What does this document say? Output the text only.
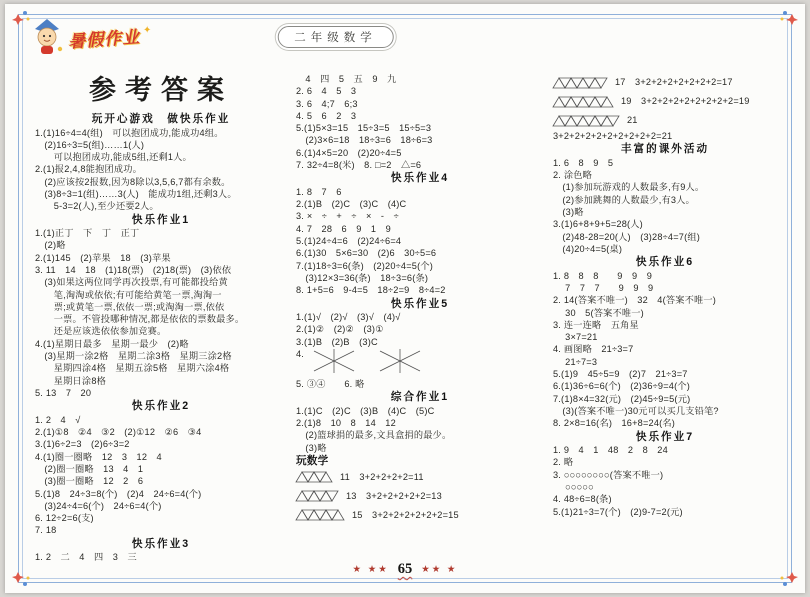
暑假作业 ✦
二年级数学
参考答案
玩开心游戏　做快乐作业
1.(1)16÷4=4(组)　可以抱团成功,能成功4组。
　(2)16÷3=5(组)……1(人)
　　可以抱团成功,能成5组,还剩1人。
2.(1)报2,4,8能抱团成功。
　(2)应该按2报数,因为8除以3,5,6,7都有余数。
　(3)8÷3=1(组)……3(人)　能成功1组,还剩3人。
　　5-3=2(人),至少还要2人。
快乐作业1
1.(1)正丁　下　丁　正丁
　(2)略
2.(1)145　(2)苹果　18　(3)苹果
3. 11　14　18　(1)18(票)　(2)18(票)　(3)依依
　(3)如果这两位同学再次投票,有可能都投给黄
　　笔,淘淘或依依;有可能给黄笔一票,淘淘一
　　票;或黄笔一票,依依一票;或淘淘一票,依依
　　一票。不管投哪种情况,都是依依的票数最多。
　　还是应该选依依参加竞赛。
4.(1)星期日最多　星期一最少　(2)略
　(3)星期一涂2格　星期二涂3格　星期三涂2格
　　星期四涂4格　星期五涂5格　星期六涂4格
　　星期日涂8格
5. 13　7　20
快乐作业2
1. 2　4　√
2.(1)①8　②4　③2　(2)①12　②6　③4
3.(1)6÷2=3　(2)6÷3=2
4.(1)圈一圈略　12　3　12　4
　(2)圈一圈略　13　4　1
　(3)圈一圈略　12　2　6
5.(1)8　24÷3=8(个)　(2)4　24÷6=4(个)
　(3)24÷4=6(个)　24÷6=4(个)
6. 12÷2=6(支)
7. 18
快乐作业3
1. 2　二　4　四　3　三
　4　四　5　五　9　九
2. 6　4　5　3
3. 6　4;7　6;3
4. 5　6　2　3
5.(1)5×3=15　15÷3=5　15÷5=3
　(2)3×6=18　18÷3=6　18÷6=3
6.(1)4×5=20　(2)20÷4=5
7. 32÷4=8(米)　8. □=2　△=6
快乐作业4
1. 8　7　6
2.(1)B　(2)C　(3)C　(4)C
3. ×　÷　+　÷　×　-　÷
4. 7　28　6　9　1　9
5.(1)24÷4=6　(2)24÷6=4
6.(1)30　5×6=30　(2)6　30÷5=6
7.(1)18÷3=6(条)　(2)20÷4=5(个)
　(3)12×3=36(条)　18÷3=6(条)
8. 1+5=6　9-4=5　18÷2=9　8÷4=2
快乐作业5
1.(1)√　(2)√　(3)√　(4)√
2.(1)②　(2)②　(3)①
3.(1)B　(2)B　(3)C
4.
5. ③④　　6. 略
综合作业1
1.(1)C　(2)C　(3)B　(4)C　(5)C
2.(1)8　10　8　14　12
　(2)篮球捐的最多,文具盒捐的最少。
　(3)略
玩数学
11　3+2+2+2+2=11
13　3+2+2+2+2+2=13
15　3+2+2+2+2+2+2=15
17　3+2+2+2+2+2+2+2=17
19　3+2+2+2+2+2+2+2+2=19
21
3+2+2+2+2+2+2+2+2+2=21
丰富的课外活动
1. 6　8　9　5
2. 涂色略
　(1)参加玩游戏的人数最多,有9人。
　(2)参加跳舞的人数最少,有3人。
　(3)略
3.(1)6+8+9+5=28(人)
　(2)48-28=20(人)　(3)28÷4=7(组)
　(4)20÷4=5(桌)
快乐作业6
1. 8　8　8　　9　9　9
　 7　7　7　　9　9　9
2. 14(答案不唯一)　32　4(答案不唯一)
　 30　5(答案不唯一)
3. 连一连略　五角星
　 3×7=21
4. 画图略　21÷3=7
　 21÷7=3
5.(1)9　45÷5=9　(2)7　21÷3=7
6.(1)36÷6=6(个)　(2)36÷9=4(个)
7.(1)8×4=32(元)　(2)45÷9=5(元)
　(3)(答案不唯一)30元可以买几支铅笔?
8. 2×8=16(名)　16+8=24(名)
快乐作业7
1. 9　4　1　48　2　8　24
2. 略
3. ○○○○○○○○(答案不唯一)
　 ○○○○○
4. 48÷6=8(条)
5.(1)21÷3=7(个)　(2)9-7=2(元)
★ ★★ 65 ★★ ★
